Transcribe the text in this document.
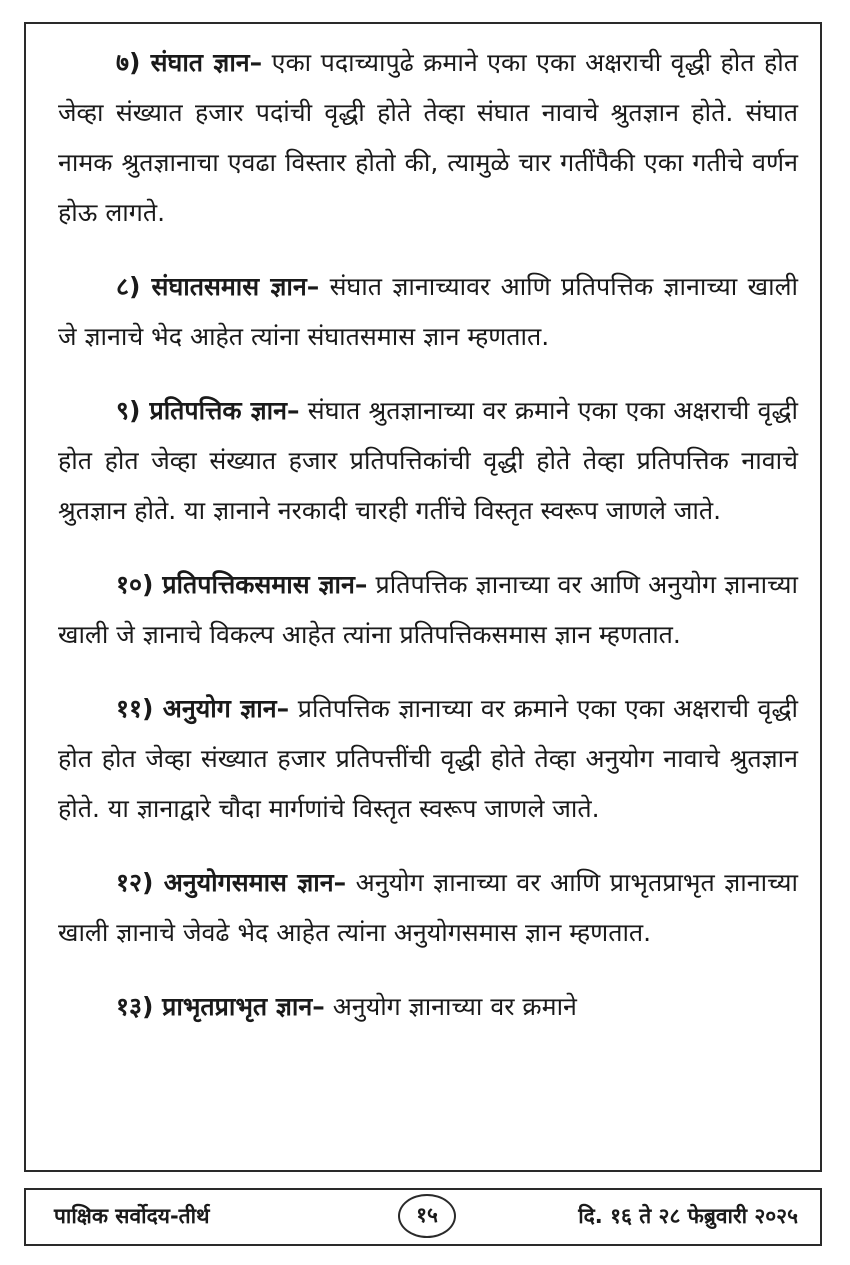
७) संघात ज्ञान– एका पदाच्यापुढे क्रमाने एका एका अक्षराची वृद्धी होत होत जेव्हा संख्यात हजार पदांची वृद्धी होते तेव्हा संघात नावाचे श्रुतज्ञान होते. संघात नामक श्रुतज्ञानाचा एवढा विस्तार होतो की, त्यामुळे चार गतींपैकी एका गतीचे वर्णन होऊ लागते.

८) संघातसमास ज्ञान– संघात ज्ञानाच्यावर आणि प्रतिपत्तिक ज्ञानाच्या खाली जे ज्ञानाचे भेद आहेत त्यांना संघातसमास ज्ञान म्हणतात.

९) प्रतिपत्तिक ज्ञान– संघात श्रुतज्ञानाच्या वर क्रमाने एका एका अक्षराची वृद्धी होत होत जेव्हा संख्यात हजार प्रतिपत्तिकांची वृद्धी होते तेव्हा प्रतिपत्तिक नावाचे श्रुतज्ञान होते. या ज्ञानाने नरकादी चारही गतींचे विस्तृत स्वरूप जाणले जाते.

१०) प्रतिपत्तिकसमास ज्ञान– प्रतिपत्तिक ज्ञानाच्या वर आणि अनुयोग ज्ञानाच्या खाली जे ज्ञानाचे विकल्प आहेत त्यांना प्रतिपत्तिकसमास ज्ञान म्हणतात.

११) अनुयोग ज्ञान– प्रतिपत्तिक ज्ञानाच्या वर क्रमाने एका एका अक्षराची वृद्धी होत होत जेव्हा संख्यात हजार प्रतिपत्तींची वृद्धी होते तेव्हा अनुयोग नावाचे श्रुतज्ञान होते. या ज्ञानाद्वारे चौदा मार्गणांचे विस्तृत स्वरूप जाणले जाते.

१२) अनुयोगसमास ज्ञान– अनुयोग ज्ञानाच्या वर आणि प्राभृतप्राभृत ज्ञानाच्या खाली ज्ञानाचे जेवढे भेद आहेत त्यांना अनुयोगसमास ज्ञान म्हणतात.

१३) प्राभृतप्राभृत ज्ञान– अनुयोग ज्ञानाच्या वर क्रमाने

पाक्षिक सर्वोदय-तीर्थ	१५	दि. १६ ते २८ फेब्रुवारी २०२५
